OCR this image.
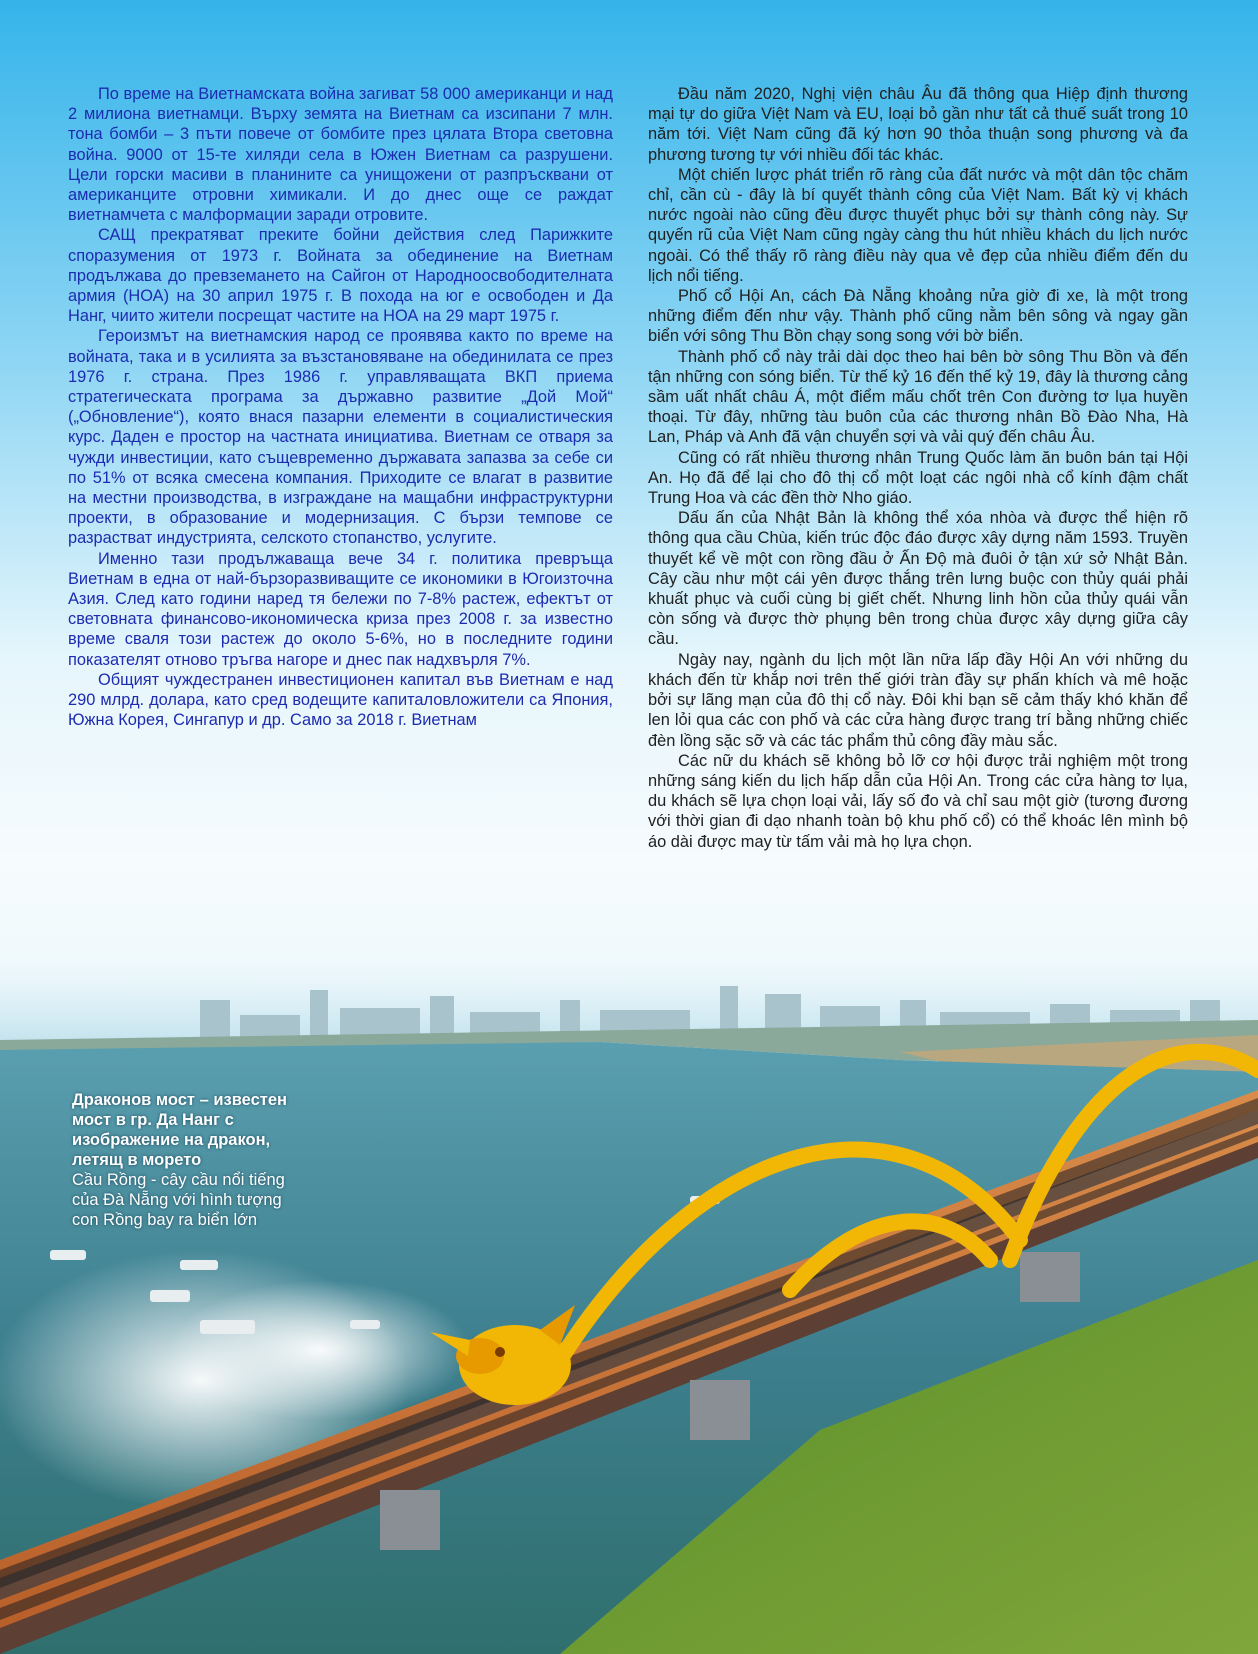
По време на Виетнамската война загиват 58 000 американци и над 2 милиона виетнамци. Върху земята на Виетнам са изсипани 7 млн. тона бомби – 3 пъти повече от бомбите през цялата Втора световна война. 9000 от 15-те хиляди села в Южен Виетнам са разрушени. Цели горски масиви в планините са унищожени от разпръсквани от американците отровни химикали. И до днес още се раждат виетнамчета с малформации заради отровите.

САЩ прекратяват преките бойни действия след Парижките споразумения от 1973 г. Войната за обединение на Виетнам продължава до превземането на Сайгон от Народноосвободителната армия (НОА) на 30 април 1975 г. В похода на юг е освободен и Да Нанг, чиито жители посрещат частите на НОА на 29 март 1975 г.

Героизмът на виетнамския народ се проявява както по време на войната, така и в усилията за възстановяване на обединилата се през 1976 г. страна. През 1986 г. управляващата ВКП приема стратегическата програма за държавно развитие „Дой Мой“ („Обновление“), която внася пазарни елементи в социалистическия курс. Даден е простор на частната инициатива. Виетнам се отваря за чужди инвестиции, като същевременно държавата запазва за себе си по 51% от всяка смесена компания. Приходите се влагат в развитие на местни производства, в изграждане на мащабни инфраструктурни проекти, в образование и модернизация. С бързи темпове се разрастват индустрията, селското стопанство, услугите.

Именно тази продължаваща вече 34 г. политика превръща Виетнам в една от най-бързоразвиващите се икономики в Югоизточна Азия. След като години наред тя бележи по 7-8% растеж, ефектът от световната финансово-икономическа криза през 2008 г. за известно време сваля този растеж до около 5-6%, но в последните години показателят отново тръгва нагоре и днес пак надхвърля 7%.

Общият чуждестранен инвестиционен капитал във Виетнам е над 290 млрд. долара, като сред водещите капиталовложители са Япония, Южна Корея, Сингапур и др. Само за 2018 г. Виетнам

Đầu năm 2020, Nghị viện châu Âu đã thông qua Hiệp định thương mại tự do giữa Việt Nam và EU, loại bỏ gần như tất cả thuế suất trong 10 năm tới. Việt Nam cũng đã ký hơn 90 thỏa thuận song phương và đa phương tương tự với nhiều đối tác khác.

Một chiến lược phát triển rõ ràng của đất nước và một dân tộc chăm chỉ, cần cù - đây là bí quyết thành công của Việt Nam. Bất kỳ vị khách nước ngoài nào cũng đều được thuyết phục bởi sự thành công này. Sự quyến rũ của Việt Nam cũng ngày càng thu hút nhiều khách du lịch nước ngoài. Có thể thấy rõ ràng điều này qua vẻ đẹp của nhiều điểm đến du lịch nổi tiếng.

Phố cổ Hội An, cách Đà Nẵng khoảng nửa giờ đi xe, là một trong những điểm đến như vậy. Thành phố cũng nằm bên sông và ngay gần biển với sông Thu Bồn chạy song song với bờ biển.

Thành phố cổ này trải dài dọc theo hai bên bờ sông Thu Bồn và đến tận những con sóng biển. Từ thế kỷ 16 đến thế kỷ 19, đây là thương cảng sầm uất nhất châu Á, một điểm mấu chốt trên Con đường tơ lụa huyền thoại. Từ đây, những tàu buôn của các thương nhân Bồ Đào Nha, Hà Lan, Pháp và Anh đã vận chuyển sợi và vải quý đến châu Âu.

Cũng có rất nhiều thương nhân Trung Quốc làm ăn buôn bán tại Hội An. Họ đã để lại cho đô thị cổ một loạt các ngôi nhà cổ kính đậm chất Trung Hoa và các đền thờ Nho giáo.

Dấu ấn của Nhật Bản là không thể xóa nhòa và được thể hiện rõ thông qua cầu Chùa, kiến trúc độc đáo được xây dựng năm 1593. Truyền thuyết kể về một con rồng đầu ở Ấn Độ mà đuôi ở tận xứ sở Nhật Bản. Cây cầu như một cái yên được thắng trên lưng buộc con thủy quái phải khuất phục và cuối cùng bị giết chết. Nhưng linh hồn của thủy quái vẫn còn sống và được thờ phụng bên trong chùa được xây dựng giữa cây cầu.

Ngày nay, ngành du lịch một lần nữa lấp đầy Hội An với những du khách đến từ khắp nơi trên thế giới tràn đầy sự phấn khích và mê hoặc bởi sự lãng mạn của đô thị cổ này. Đôi khi bạn sẽ cảm thấy khó khăn để len lỏi qua các con phố và các cửa hàng được trang trí bằng những chiếc đèn lồng sặc sỡ và các tác phẩm thủ công đầy màu sắc.

Các nữ du khách sẽ không bỏ lỡ cơ hội được trải nghiệm một trong những sáng kiến du lịch hấp dẫn của Hội An. Trong các cửa hàng tơ lụa, du khách sẽ lựa chọn loại vải, lấy số đo và chỉ sau một giờ (tương đương với thời gian đi dạo nhanh toàn bộ khu phố cổ) có thể khoác lên mình bộ áo dài được may từ tấm vải mà họ lựa chọn.

Драконов мост – известен мост в гр. Да Нанг с изображение на дракон, летящ в морето
Cầu Rồng - cây cầu nổi tiếng của Đà Nẵng với hình tượng con Rồng bay ra biển lớn
